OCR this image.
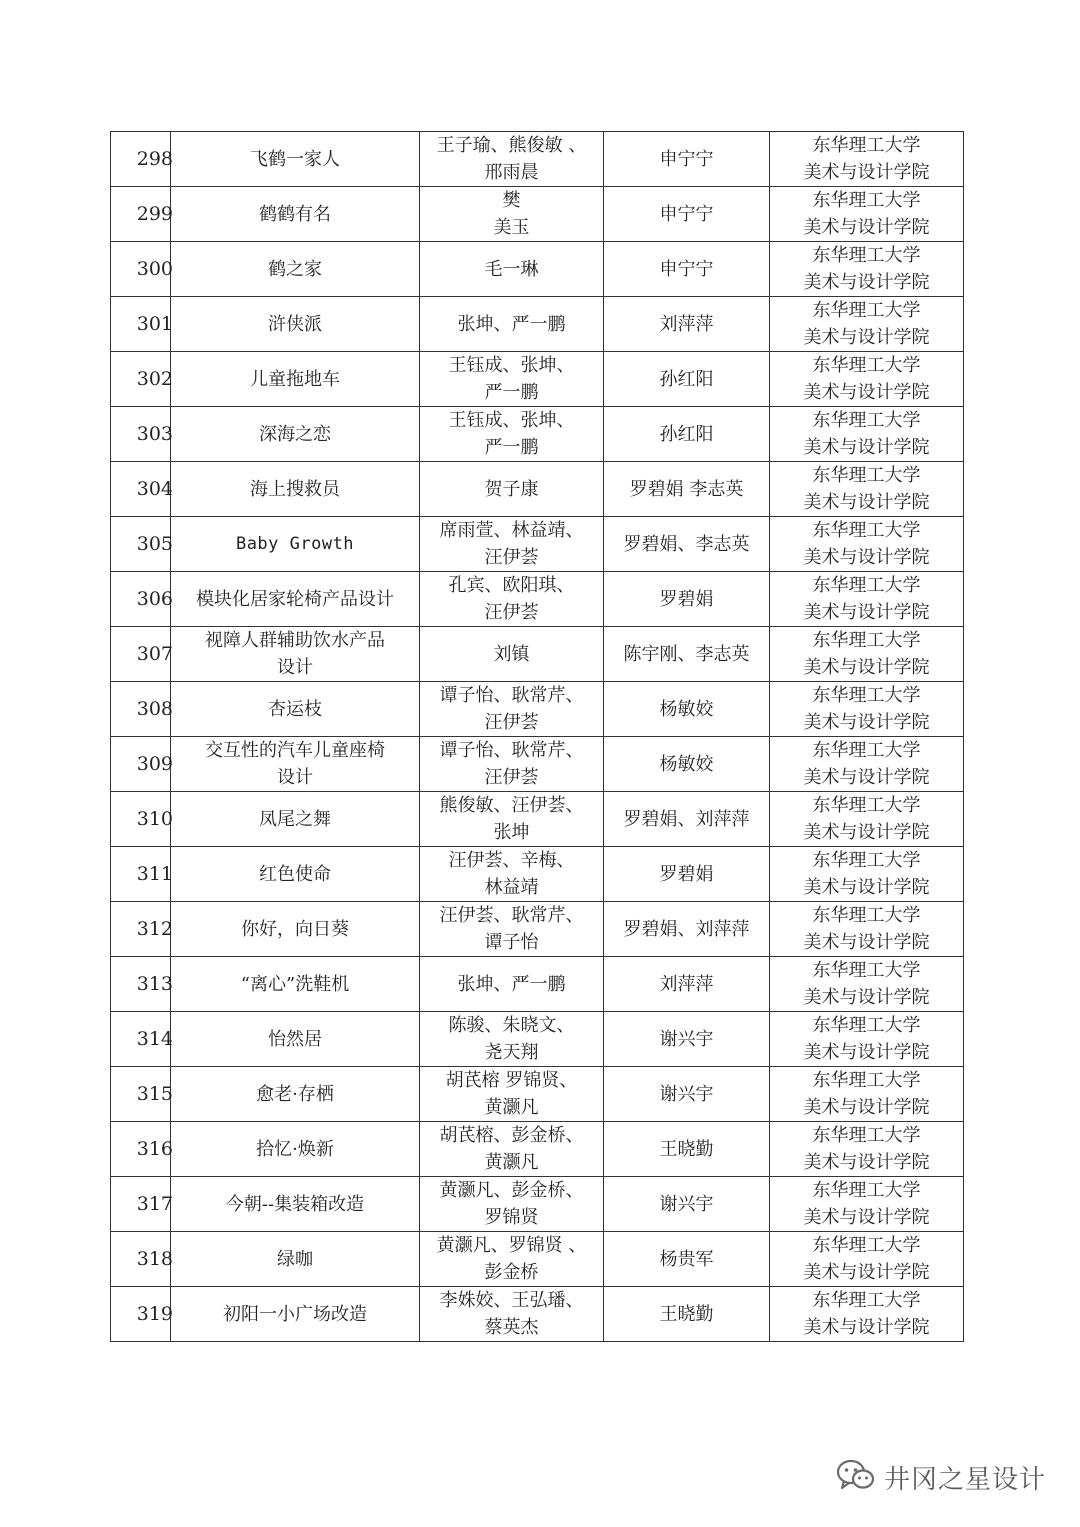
298	飞鹤一家人	王子瑜、熊俊敏 、
邢雨晨	申宁宁	东华理工大学
美术与设计学院

299	鹤鹤有名	樊
美玉	申宁宁	东华理工大学
美术与设计学院

300	鹤之家	毛一琳	申宁宁	东华理工大学
美术与设计学院

301	浒侠派	张坤、严一鹏	刘萍萍	东华理工大学
美术与设计学院

302	儿童拖地车	王钰成、张坤、
严一鹏	孙红阳	东华理工大学
美术与设计学院

303	深海之恋	王钰成、张坤、
严一鹏	孙红阳	东华理工大学
美术与设计学院

304	海上搜救员	贺子康	罗碧娟 李志英	东华理工大学
美术与设计学院

305	Baby Growth	席雨萱、林益靖、
汪伊荟	罗碧娟、李志英	东华理工大学
美术与设计学院

306	模块化居家轮椅产品设计	孔宾、欧阳琪、
汪伊荟	罗碧娟	东华理工大学
美术与设计学院

307	视障人群辅助饮水产品
设计	刘镇	陈宇刚、李志英	东华理工大学
美术与设计学院

308	杏运枝	谭子怡、耿常芹、
汪伊荟	杨敏姣	东华理工大学
美术与设计学院

309	交互性的汽车儿童座椅
设计	谭子怡、耿常芹、
汪伊荟	杨敏姣	东华理工大学
美术与设计学院

310	凤尾之舞	熊俊敏、汪伊荟、
张坤	罗碧娟、刘萍萍	东华理工大学
美术与设计学院

311	红色使命	汪伊荟、辛梅、
林益靖	罗碧娟	东华理工大学
美术与设计学院

312	你好，向日葵	汪伊荟、耿常芹、
谭子怡	罗碧娟、刘萍萍	东华理工大学
美术与设计学院

313	“离心”洗鞋机	张坤、严一鹏	刘萍萍	东华理工大学
美术与设计学院

314	怡然居	陈骏、朱晓文、
尧天翔	谢兴宇	东华理工大学
美术与设计学院

315	愈老·存栖	胡芪榕 罗锦贤、
黄灏凡	谢兴宇	东华理工大学
美术与设计学院

316	拾忆·焕新	胡芪榕、彭金桥、
黄灏凡	王晓勤	东华理工大学
美术与设计学院

317	今朝--集装箱改造	黄灏凡、彭金桥、
罗锦贤	谢兴宇	东华理工大学
美术与设计学院

318	绿咖	黄灏凡、罗锦贤 、
彭金桥	杨贵军	东华理工大学
美术与设计学院

319	初阳一小广场改造	李姝姣、王弘璠、
蔡英杰	王晓勤	东华理工大学
美术与设计学院
井冈之星设计
